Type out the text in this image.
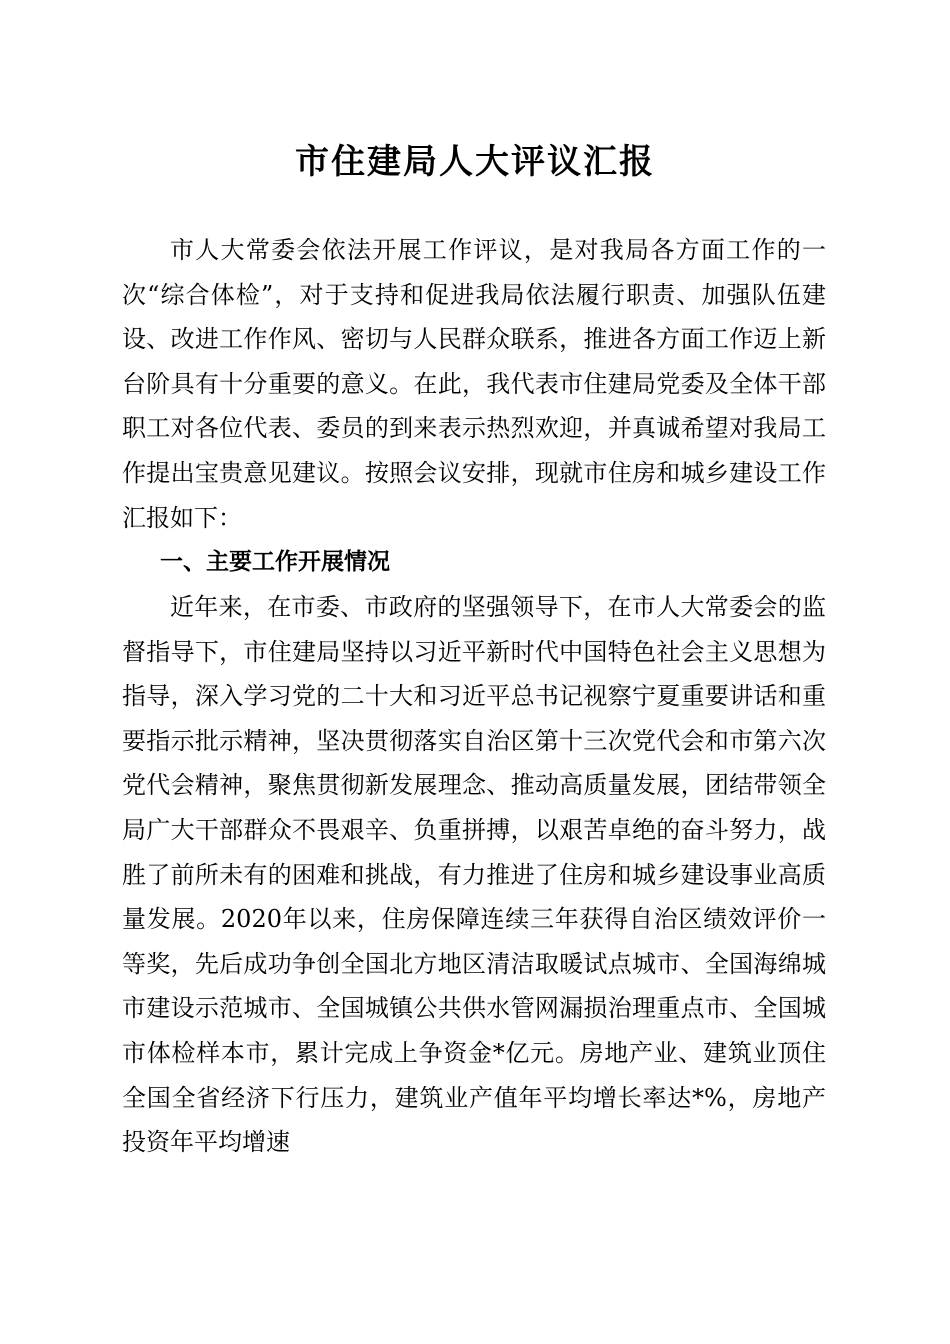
市住建局人大评议汇报

市人大常委会依法开展工作评议，是对我局各方面工作的一次“综合体检”，对于支持和促进我局依法履行职责、加强队伍建设、改进工作作风、密切与人民群众联系，推进各方面工作迈上新台阶具有十分重要的意义。在此，我代表市住建局党委及全体干部职工对各位代表、委员的到来表示热烈欢迎，并真诚希望对我局工作提出宝贵意见建议。按照会议安排，现就市住房和城乡建设工作汇报如下：

一、主要工作开展情况

近年来，在市委、市政府的坚强领导下，在市人大常委会的监督指导下，市住建局坚持以习近平新时代中国特色社会主义思想为指导，深入学习党的二十大和习近平总书记视察宁夏重要讲话和重要指示批示精神，坚决贯彻落实自治区第十三次党代会和市第六次党代会精神，聚焦贯彻新发展理念、推动高质量发展，团结带领全局广大干部群众不畏艰辛、负重拼搏，以艰苦卓绝的奋斗努力，战胜了前所未有的困难和挑战，有力推进了住房和城乡建设事业高质量发展。2020年以来，住房保障连续三年获得自治区绩效评价一等奖，先后成功争创全国北方地区清洁取暖试点城市、全国海绵城市建设示范城市、全国城镇公共供水管网漏损治理重点市、全国城市体检样本市，累计完成上争资金*亿元。房地产业、建筑业顶住全国全省经济下行压力，建筑业产值年平均增长率达*%，房地产投资年平均增速
